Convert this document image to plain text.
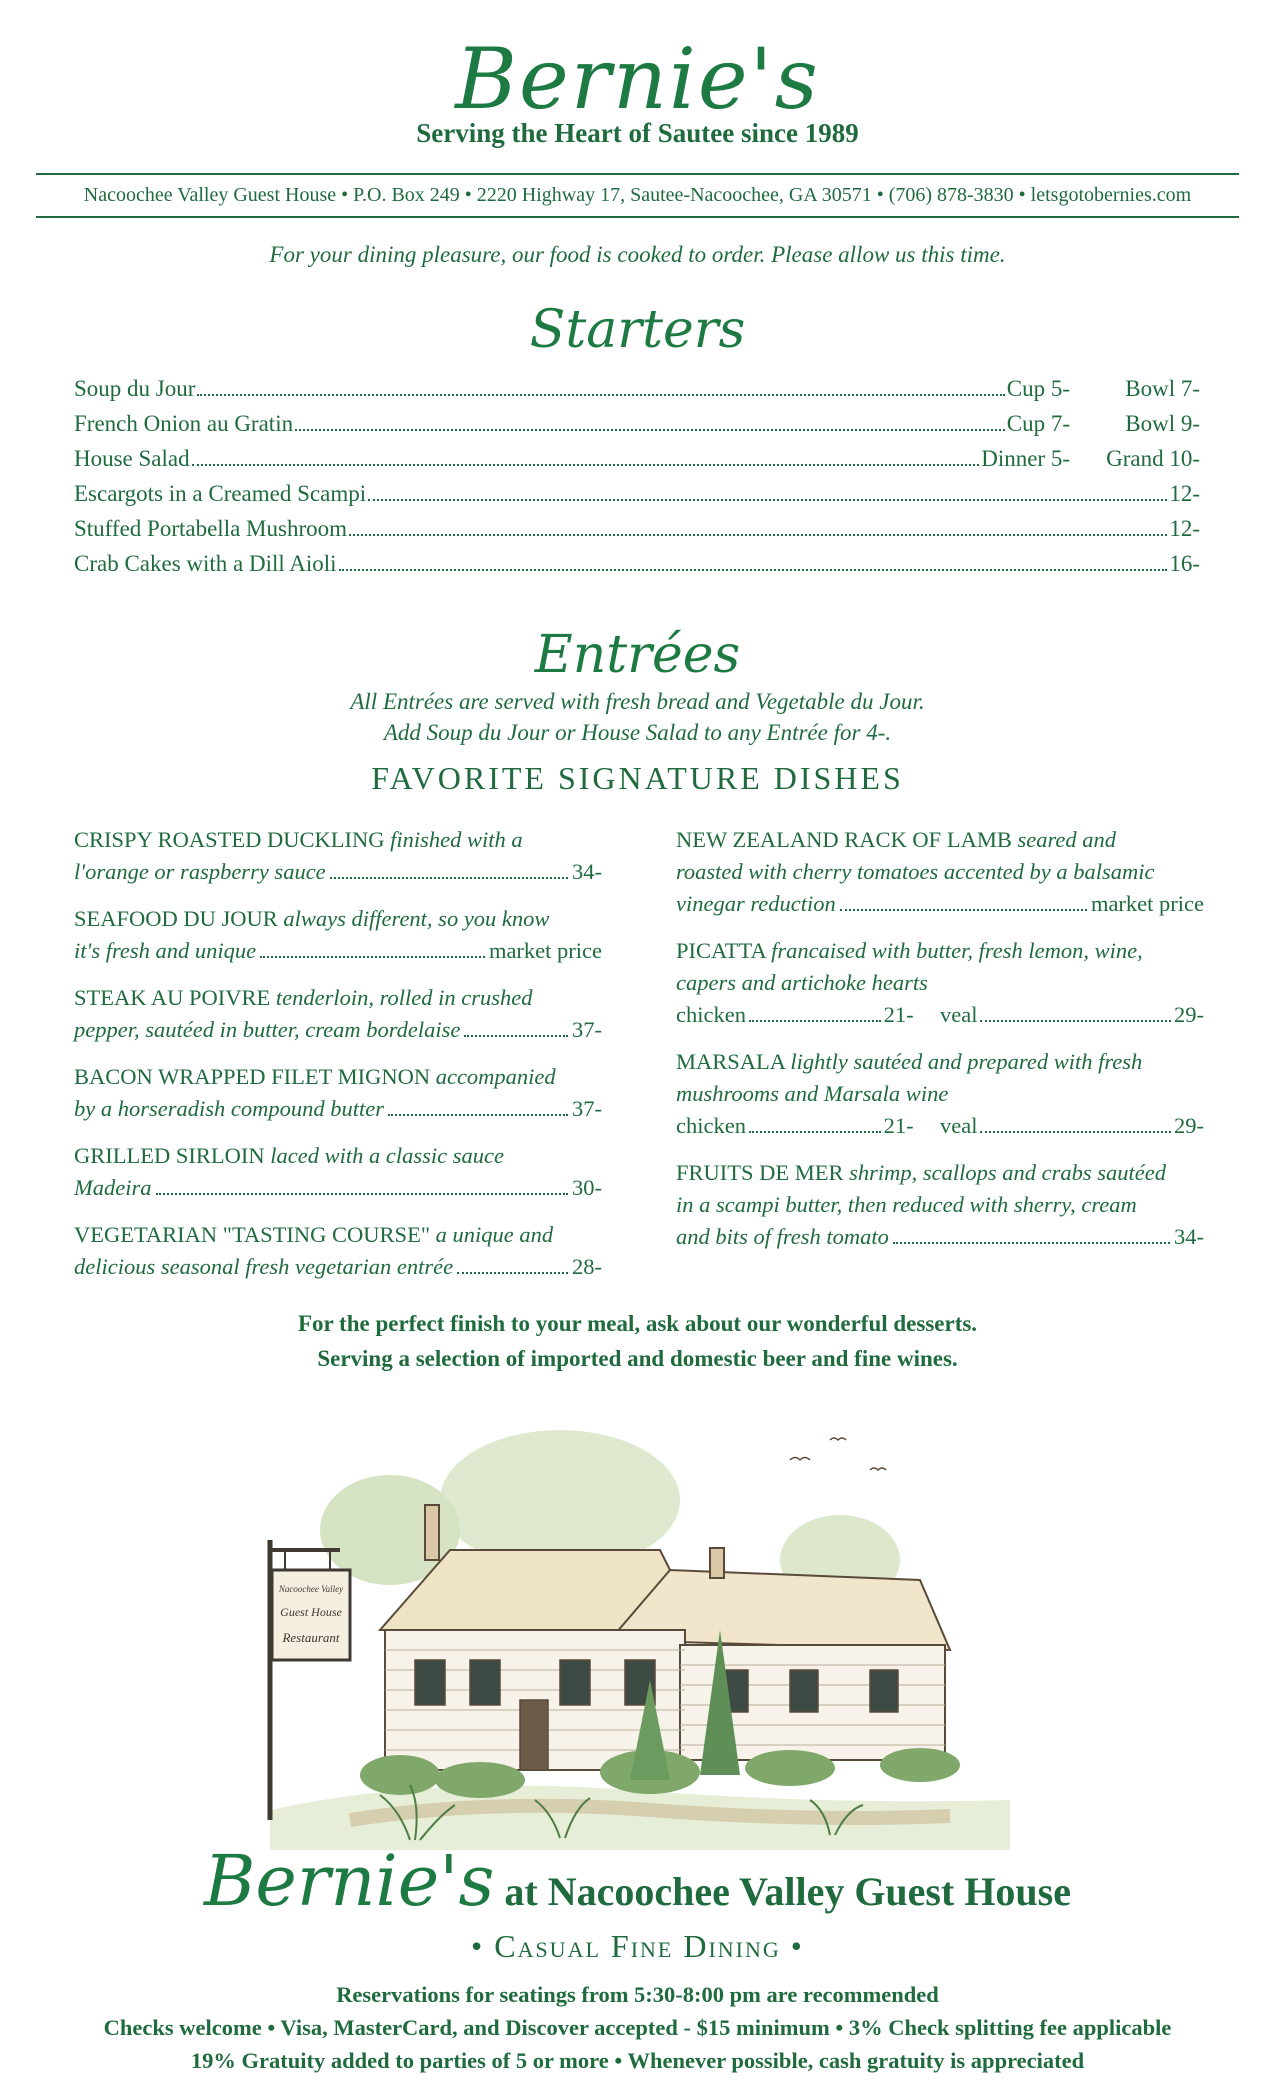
Bernie's
Serving the Heart of Sautee since 1989
Nacoochee Valley Guest House • P.O. Box 249 • 2220 Highway 17, Sautee-Nacoochee, GA 30571 • (706) 878-3830 • letsgotobernies.com
For your dining pleasure, our food is cooked to order. Please allow us this time.
Starters
Soup du Jour	Cup 5-	Bowl 7-
French Onion au Gratin	Cup 7-	Bowl 9-
House Salad	Dinner 5-	Grand 10-
Escargots in a Creamed Scampi	12-
Stuffed Portabella Mushroom	12-
Crab Cakes with a Dill Aioli	16-
Entrées
All Entrées are served with fresh bread and Vegetable du Jour.
Add Soup du Jour or House Salad to any Entrée for 4-.
FAVORITE SIGNATURE DISHES
CRISPY ROASTED DUCKLING finished with a
l'orange or raspberry sauce	34-
SEAFOOD DU JOUR always different, so you know
it's fresh and unique	market price
STEAK AU POIVRE tenderloin, rolled in crushed
pepper, sautéed in butter, cream bordelaise	37-
BACON WRAPPED FILET MIGNON accompanied
by a horseradish compound butter	37-
GRILLED SIRLOIN laced with a classic sauce
Madeira	30-
VEGETARIAN "TASTING COURSE" a unique and
delicious seasonal fresh vegetarian entrée	28-
NEW ZEALAND RACK OF LAMB seared and
roasted with cherry tomatoes accented by a balsamic
vinegar reduction	market price
PICATTA francaised with butter, fresh lemon, wine,
capers and artichoke hearts
chicken	21- veal	29-
MARSALA lightly sautéed and prepared with fresh
mushrooms and Marsala wine
chicken	21- veal	29-
FRUITS DE MER shrimp, scallops and crabs sautéed
in a scampi butter, then reduced with sherry, cream
and bits of fresh tomato	34-
For the perfect finish to your meal, ask about our wonderful desserts.
Serving a selection of imported and domestic beer and fine wines.
Nacoochee Valley
Guest House
Restaurant
Bernie's at Nacoochee Valley Guest House
• Casual Fine Dining •
Reservations for seatings from 5:30-8:00 pm are recommended
Checks welcome • Visa, MasterCard, and Discover accepted - $15 minimum • 3% Check splitting fee applicable
19% Gratuity added to parties of 5 or more • Whenever possible, cash gratuity is appreciated
